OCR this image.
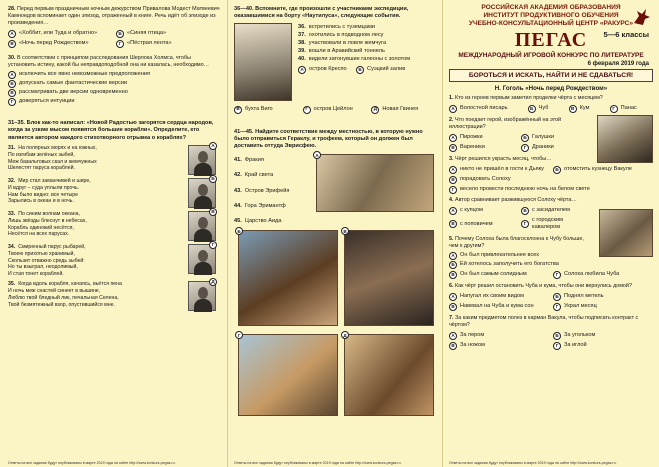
28. Перед первым праздничным ночным дежурством Привалова Модест Матвеевич Камноедов вспоминает один эпизод, отраженный в книге. Речь идёт об эпизоде из произведения…
А «Хоббит, или Туда и обратно»	Б «Синяя птица»
В «Ночь перед Рождеством»	Г	«Пёстрая лента»
30. В соответствии с принципом расследования Шерлока Холмса, чтобы установить истину, какой бы неправдоподобной она ни казалась, необходимо…
А исключить все явно невозможные предположения
Б допускать самые фантастические версии
В рассматривать две версии одновременно
Г	доверяться интуиции
31–35. Блок как-то написал: «Новой Радостью загорятся сердца народов, когда за узким мысом появятся большие корабли». Определите, кто является автором каждого стихотворного отрывка о кораблях?
31. На полярных морях и на южных,
По изгибам зелёных зыбей,
Меж базальтовых скал и жемчужных
Шелестят паруса кораблей.
А
32. Мир стал заманчивей и шире,
И вдруг – суда уплыли прочь.
Нам было видно: все четыре
Зарылись в океан и в ночь.
Б
33. По синим волнам океана,
Лишь звёзды блеснут в небесах,
Корабль одинокий несётся,
Несётся на всех парусах.
В
34. Смиренный парус рыбарей,
Твоею прихотью хранимый,
Скользит отважно средь зыбей:
Но ты взыграл, неодолимый,
И стая тонет кораблей.
Г
35. Когда вдоль корабля, качаясь, вьётся пена
И ночь меж снастей синеет в вышине,
Люблю твой бледный лик, печальная Селена,
Твой безмятежный взор, опустившийся мне.
Д
Ответы на все задания будут опубликованы в марте 2019 года на сайте http://www.konkurs-pegas.ru.
36—40. Вспомните, где произошли с участниками экспедиции, оказавшимися на борту «Наутилуса», следующие события.
36. встретились с туземцами
37. охотились в подводном лесу
38. участвовали в ловле жемчуга
39. вошли в Аравийский тоннель
40. видели затонувшие галеоны с золотом
А остров Креспо	Б Суэцкий залив
В бухта Виго	Г	остров Цейлон	Д Новая Гвинея
41—45. Найдите соответствие между местностью, в которую нужно было отправиться Гераклу, и трофеем, который он должен был доставить оттуда Эврисфею.
41. Фракия
42. Край света
43. Остров Эрифейя
44. Гора Эримантф
45. Царство Аида
А
Б	В
Г	Д
Ответы на все задания будут опубликованы в марте 2019 года на сайте http://www.konkurs-pegas.ru
РОССИЙСКАЯ АКАДЕМИЯ ОБРАЗОВАНИЯ
ИНСТИТУТ ПРОДУКТИВНОГО ОБУЧЕНИЯ
УЧЕБНО-КОНСУЛЬТАЦИОННЫЙ ЦЕНТР «РАКУРС»
ПЕГАС	5—6 классы
МЕЖДУНАРОДНЫЙ ИГРОВОЙ КОНКУРС ПО ЛИТЕРАТУРЕ
6 февраля 2019 года
БОРОТЬСЯ И ИСКАТЬ, НАЙТИ И НЕ СДАВАТЬСЯ!
Н. Гоголь «Ночь перед Рождеством»
1. Кто из героев первым заметил проделки чёрта с месяцем?
А Волостной писарь	Б Чуб	В Кум	Г	Панас
2. Что поедает герой, изображённый на этой иллюстрации?
А Пирожки	Б Галушки
В Вареники	Г	Драники
3. Чёрт решился украсть месяц, чтобы…
А никто не пришёл в гости к Дьяку	Б отомстить кузнецу Вакуле
В порадовать Солоху
Г	весело провести последнюю ночь на белом свете
4. Автор сравнивает разжившуюся Солоху чёрта…
А с купцом	Б с засидателем
В с поповичем	Г
с городским кавалером
5. Почему Солоха была благосклонна к Чубу больше, чем к другим?
А Он был привлекательнее всех
Б Ей хотелось заполучить его богатства
В Он был самым солидным	Г	Солоха любила Чуба
6. Как чёрт решил остановить Чуба и кума, чтобы они вернулись домой?
А Напугал их своим видом	Б Поднял метель
В Навевал на Чуба и кума сон	Г	Украл месяц
7. За каким предметом полез в карман Вакула, чтобы подписать контракт с чёртом?
А За пером	Б За угольком
В За ножом	Г	За иглой
Ответы на все задания будут опубликованы в марте 2019 года на сайте http://www.konkurs-pegas.ru.
